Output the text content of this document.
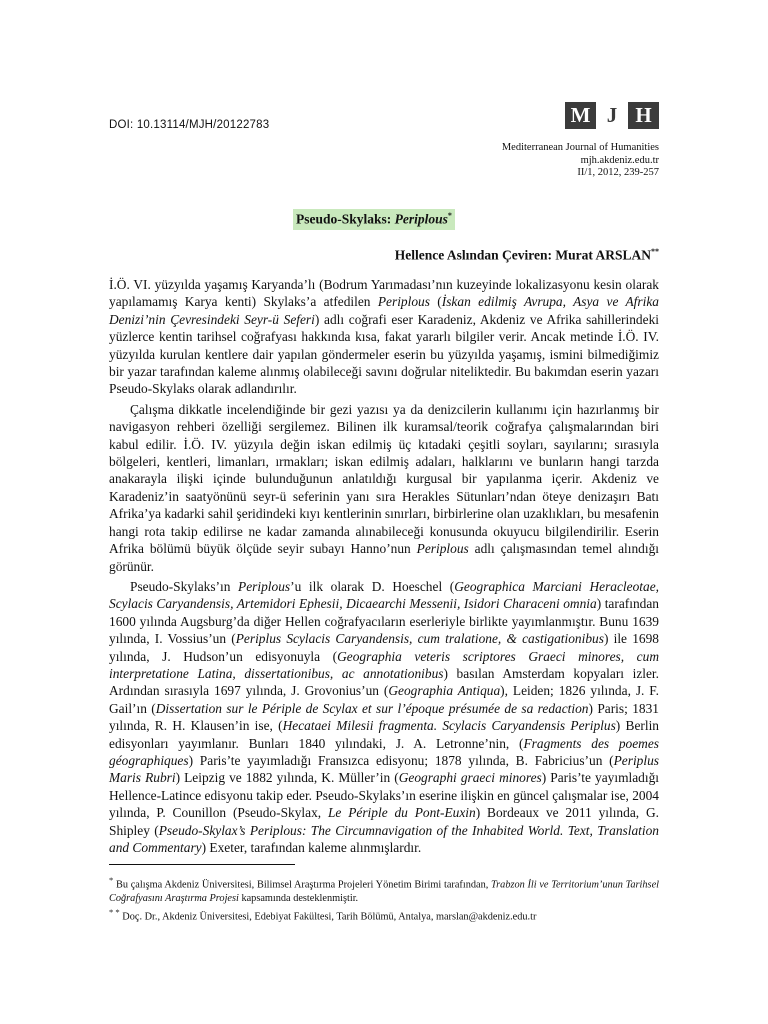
DOI: 10.13114/MJH/20122783	M J H
Mediterranean Journal of Humanities
mjh.akdeniz.edu.tr
II/1, 2012, 239-257
Pseudo-Skylaks: Periplous*
Hellence Aslından Çeviren: Murat ARSLAN**

İ.Ö. VI. yüzyılda yaşamış Karyanda’lı (Bodrum Yarımadası’nın kuzeyinde lokalizasyonu kesin olarak yapılamamış Karya kenti) Skylaks’a atfedilen Periplous (İskan edilmiş Avrupa, Asya ve Afrika Denizi’nin Çevresindeki Seyr-ü Seferi) adlı coğrafi eser Karadeniz, Akdeniz ve Afrika sahillerindeki yüzlerce kentin tarihsel coğrafyası hakkında kısa, fakat yararlı bilgiler verir. Ancak metinde İ.Ö. IV. yüzyılda kurulan kentlere dair yapılan göndermeler eserin bu yüzyılda yaşamış, ismini bilmediğimiz bir yazar tarafından kaleme alınmış olabileceği savını doğrular niteliktedir. Bu bakımdan eserin yazarı Pseudo-Skylaks olarak adlandırılır.

Çalışma dikkatle incelendiğinde bir gezi yazısı ya da denizcilerin kullanımı için hazırlanmış bir navigasyon rehberi özelliği sergilemez. Bilinen ilk kuramsal/teorik coğrafya çalışmalarından biri kabul edilir. İ.Ö. IV. yüzyıla değin iskan edilmiş üç kıtadaki çeşitli soyları, sayılarını; sırasıyla bölgeleri, kentleri, limanları, ırmakları; iskan edilmiş adaları, halklarını ve bunların hangi tarzda anakarayla ilişki içinde bulunduğunun anlatıldığı kurgusal bir yapılanma içerir. Akdeniz ve Karadeniz’in saatyönünü seyr-ü seferinin yanı sıra Herakles Sütunları’ndan öteye denizaşırı Batı Afrika’ya kadarki sahil şeridindeki kıyı kentlerinin sınırları, birbirlerine olan uzaklıkları, bu mesafenin hangi rota takip edilirse ne kadar zamanda alınabileceği konusunda okuyucu bilgilendirilir. Eserin Afrika bölümü büyük ölçüde seyir subayı Hanno’nun Periplous adlı çalışmasından temel alındığı görünür.

Pseudo-Skylaks’ın Periplous’u ilk olarak D. Hoeschel (Geographica Marciani Heracleotae, Scylacis Caryandensis, Artemidori Ephesii, Dicaearchi Messenii, Isidori Characeni omnia) tarafından 1600 yılında Augsburg’da diğer Hellen coğrafyacıların eserleriyle birlikte yayımlanmıştır. Bunu 1639 yılında, I. Vossius’un (Periplus Scylacis Caryandensis, cum tralatione, & castigationibus) ile 1698 yılında, J. Hudson’un edisyonuyla (Geographia veteris scriptores Graeci minores, cum interpretatione Latina, dissertationibus, ac annotationibus) basılan Amsterdam kopyaları izler. Ardından sırasıyla 1697 yılında, J. Grovonius’un (Geographia Antiqua), Leiden; 1826 yılında, J. F. Gail’ın (Dissertation sur le Périple de Scylax et sur l’époque présumée de sa redaction) Paris; 1831 yılında, R. H. Klausen’in ise, (Hecataei Milesii fragmenta. Scylacis Caryandensis Periplus) Berlin edisyonları yayımlanır. Bunları 1840 yılındaki, J. A. Letronne’nin, (Fragments des poemes géographiques) Paris’te yayımladığı Fransızca edisyonu; 1878 yılında, B. Fabricius’un (Periplus Maris Rubri) Leipzig ve 1882 yılında, K. Müller’in (Geographi graeci minores) Paris’te yayımladığı Hellence-Latince edisyonu takip eder. Pseudo-Skylaks’ın eserine ilişkin en güncel çalışmalar ise, 2004 yılında, P. Counillon (Pseudo-Skylax, Le Périple du Pont-Euxin) Bordeaux ve 2011 yılında, G. Shipley (Pseudo-Skylax’s Periplous: The Circumnavigation of the Inhabited World. Text, Translation and Commentary) Exeter, tarafından kaleme alınmışlardır.

* Bu çalışma Akdeniz Üniversitesi, Bilimsel Araştırma Projeleri Yönetim Birimi tarafından, Trabzon İli ve Territorium’unun Tarihsel Coğrafyasını Araştırma Projesi kapsamında desteklenmiştir.

* * Doç. Dr., Akdeniz Üniversitesi, Edebiyat Fakültesi, Tarih Bölümü, Antalya, marslan@akdeniz.edu.tr
